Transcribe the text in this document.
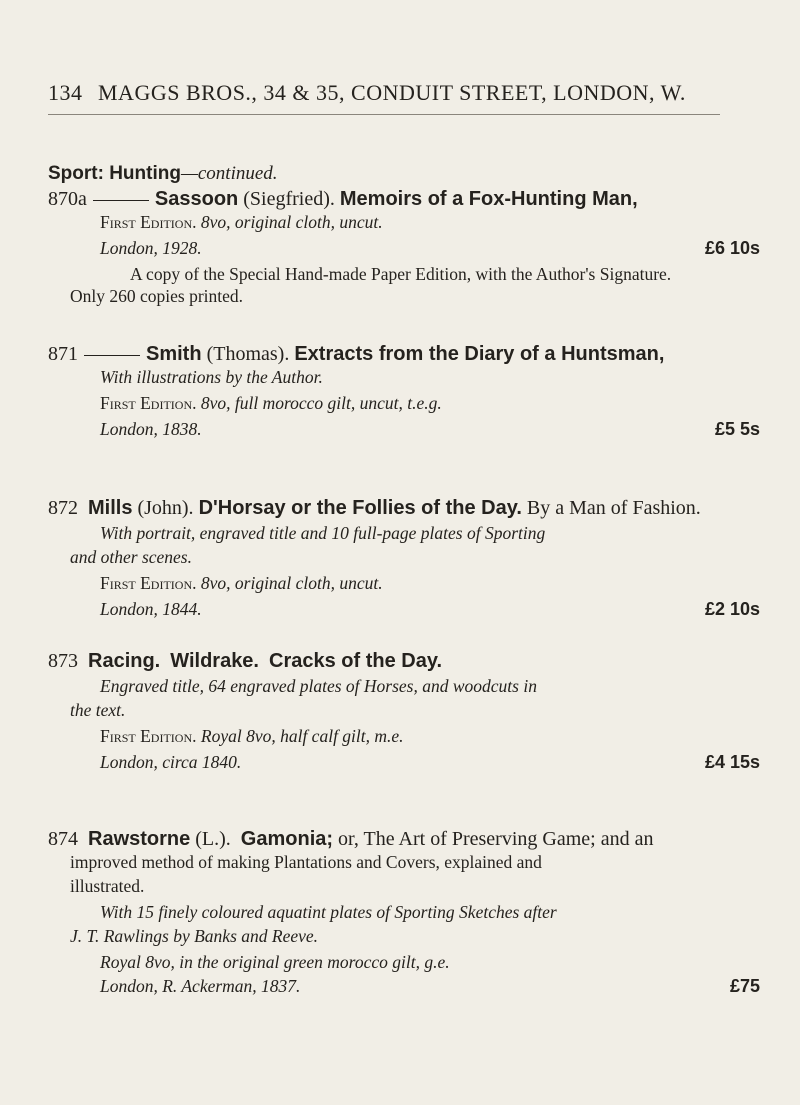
134 MAGGS BROS., 34 & 35, CONDUIT STREET, LONDON, W.
Sport: Hunting—continued.
870a	Sassoon (Siegfried). Memoirs of a Fox-Hunting Man,
First Edition. 8vo, original cloth, uncut.
London, 1928.	£6 10s
A copy of the Special Hand-made Paper Edition, with the Author's Signature.
Only 260 copies printed.
871	Smith (Thomas). Extracts from the Diary of a Huntsman,
With illustrations by the Author.
First Edition. 8vo, full morocco gilt, uncut, t.e.g.
London, 1838.	£5 5s
872 Mills (John). D'Horsay or the Follies of the Day. By a Man of Fashion.
With portrait, engraved title and 10 full-page plates of Sporting
and other scenes.
First Edition. 8vo, original cloth, uncut.
London, 1844.	£2 10s
873 Racing. Wildrake. Cracks of the Day.
Engraved title, 64 engraved plates of Horses, and woodcuts in
the text.
First Edition. Royal 8vo, half calf gilt, m.e.
London, circa 1840.	£4 15s
874 Rawstorne (L.). Gamonia; or, The Art of Preserving Game; and an
improved method of making Plantations and Covers, explained and
illustrated.
With 15 finely coloured aquatint plates of Sporting Sketches after
J. T. Rawlings by Banks and Reeve.
Royal 8vo, in the original green morocco gilt, g.e.
London, R. Ackerman, 1837.	£75
